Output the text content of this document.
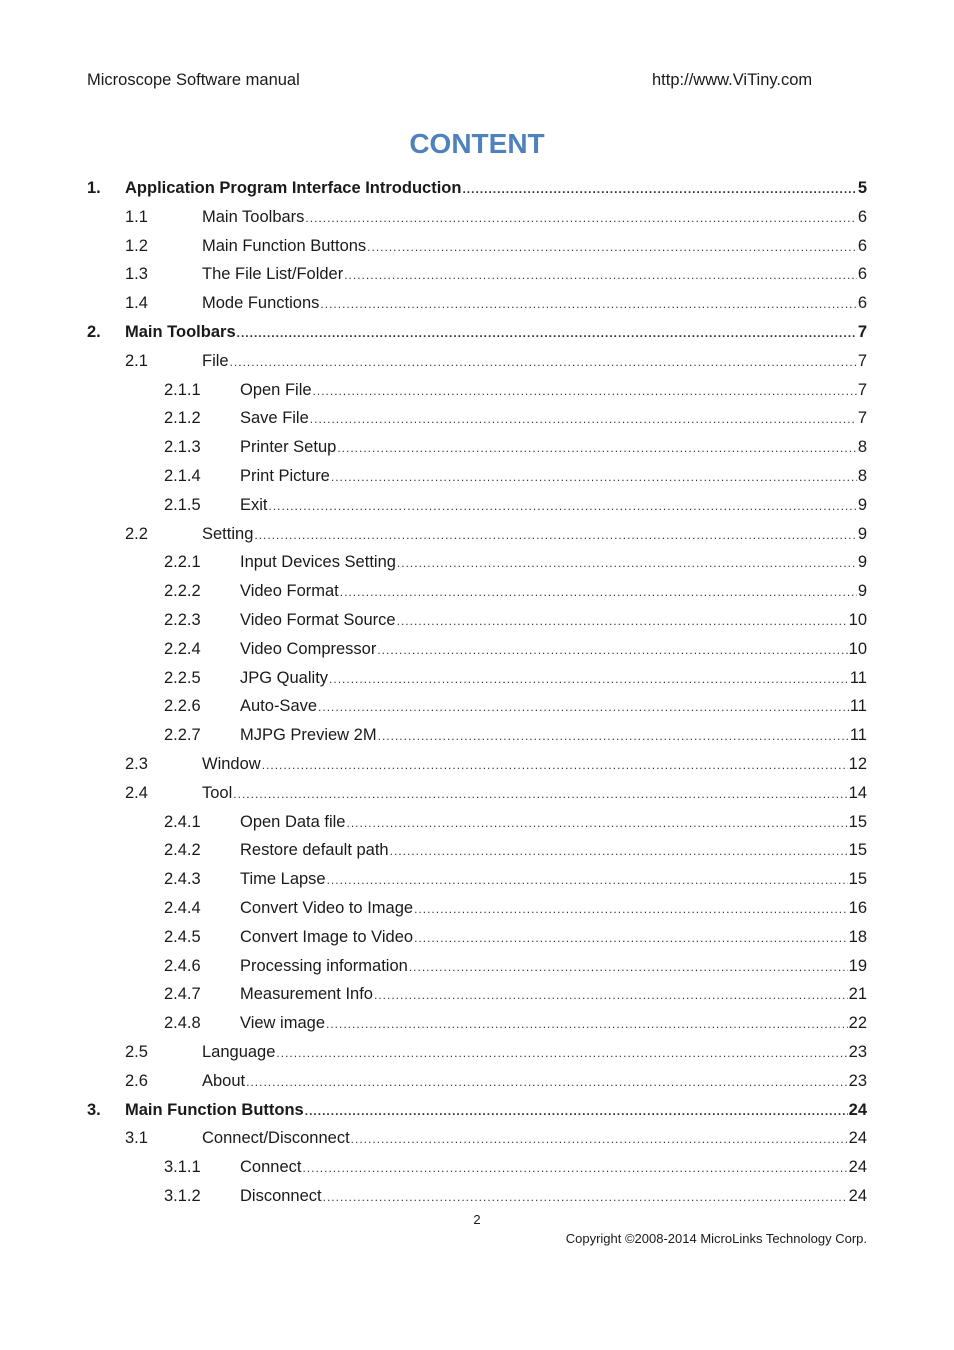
Microscope Software manual	http://www.ViTiny.com
CONTENT
1. Application Program Interface Introduction .....	5
1.1	Main Toolbars .....	6
1.2	Main Function Buttons .....	6
1.3	The File List/Folder .....	6
1.4	Mode Functions .....	6
2. Main Toolbars .....	7
2.1	File .....	7
2.1.1 Open File .....	7
2.1.2 Save File .....	7
2.1.3 Printer Setup .....	8
2.1.4 Print Picture .....	8
2.1.5 Exit .....	9
2.2	Setting .....	9
2.2.1 Input Devices Setting .....	9
2.2.2 Video Format .....	9
2.2.3 Video Format Source .....	10
2.2.4 Video Compressor .....	10
2.2.5 JPG Quality .....	11
2.2.6 Auto-Save .....	11
2.2.7 MJPG Preview 2M .....	11
2.3	Window .....	12
2.4	Tool .....	14
2.4.1 Open Data file .....	15
2.4.2 Restore default path .....	15
2.4.3 Time Lapse .....	15
2.4.4 Convert Video to Image .....	16
2.4.5 Convert Image to Video .....	18
2.4.6 Processing information .....	19
2.4.7 Measurement Info .....	21
2.4.8 View image .....	22
2.5	Language .....	23
2.6	About .....	23
3. Main Function Buttons .....	24
3.1	Connect/Disconnect .....	24
3.1.1 Connect .....	24
3.1.2 Disconnect .....	24
2
Copyright ©2008-2014 MicroLinks Technology Corp.
